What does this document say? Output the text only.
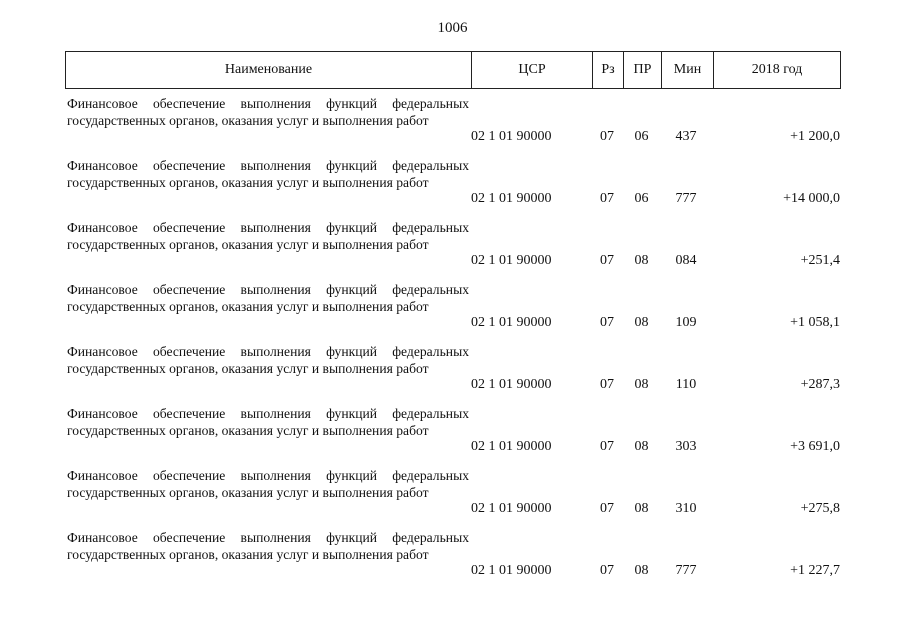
1006
Наименование	ЦСР	Рз	ПР	Мин	2018 год
Финансовое обеспечение выполнения функций федеральных государственных органов, оказания услуг и выполнения работ
02 1 01 90000	07	06	437	+1 200,0
Финансовое обеспечение выполнения функций федеральных государственных органов, оказания услуг и выполнения работ
02 1 01 90000	07	06	777	+14 000,0
Финансовое обеспечение выполнения функций федеральных государственных органов, оказания услуг и выполнения работ
02 1 01 90000	07	08	084	+251,4
Финансовое обеспечение выполнения функций федеральных государственных органов, оказания услуг и выполнения работ
02 1 01 90000	07	08	109	+1 058,1
Финансовое обеспечение выполнения функций федеральных государственных органов, оказания услуг и выполнения работ
02 1 01 90000	07	08	110	+287,3
Финансовое обеспечение выполнения функций федеральных государственных органов, оказания услуг и выполнения работ
02 1 01 90000	07	08	303	+3 691,0
Финансовое обеспечение выполнения функций федеральных государственных органов, оказания услуг и выполнения работ
02 1 01 90000	07	08	310	+275,8
Финансовое обеспечение выполнения функций федеральных государственных органов, оказания услуг и выполнения работ
02 1 01 90000	07	08	777	+1 227,7
